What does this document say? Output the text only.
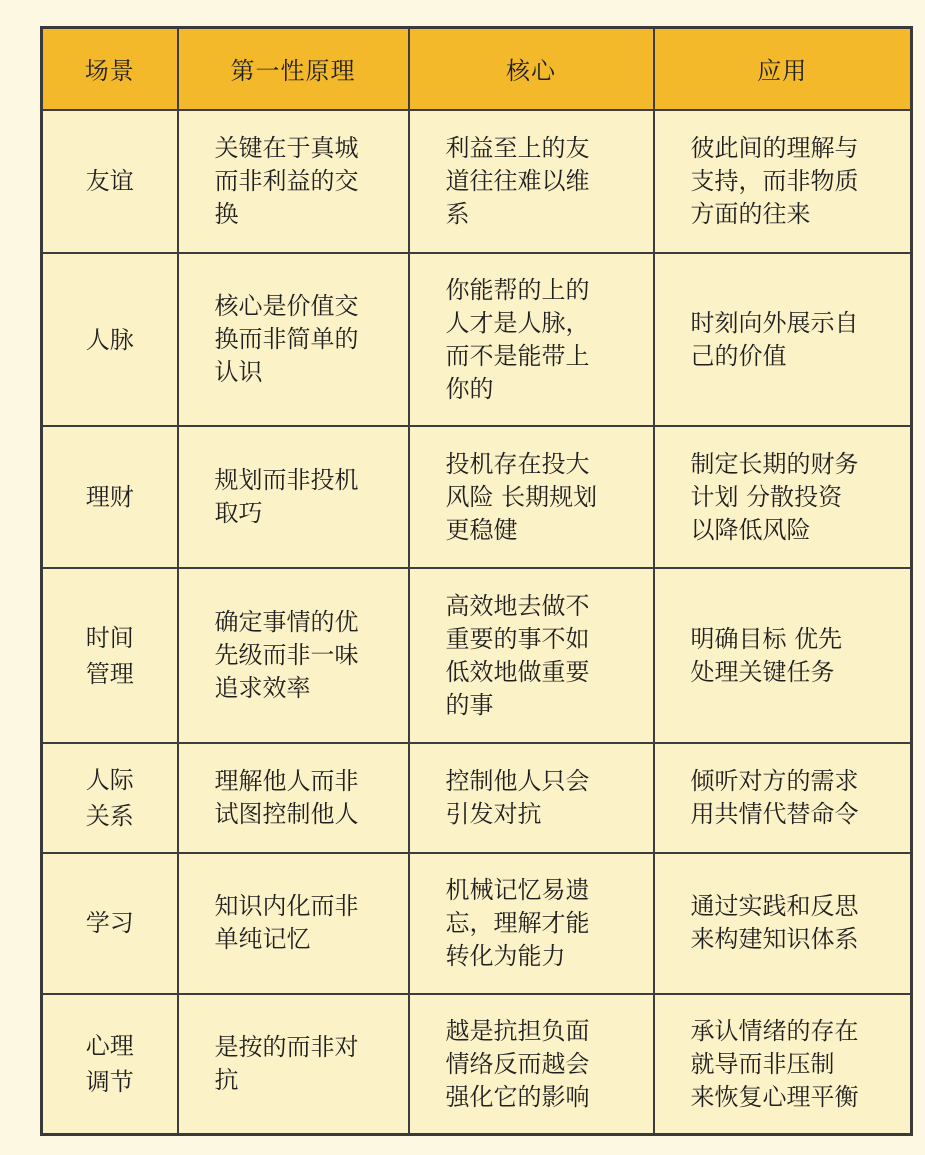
场景	第一性原理	核心	应用

友谊	关键在于真城
而非利益的交
换	利益至上的友
道往往难以维
系	彼此间的理解与
支持，而非物质
方面的往来

人脉	核心是价值交
换而非简单的
认识	你能帮的上的
人才是人脉，
而不是能带上
你的	时刻向外展示自
己的价值

理财	规划而非投机
取巧	投机存在投大
风险 长期规划
更稳健	制定长期的财务
计划 分散投资
以降低风险

时间
管理	确定事情的优
先级而非一味
追求效率	高效地去做不
重要的事不如
低效地做重要
的事	明确目标 优先
处理关键任务

人际
关系	理解他人而非
试图控制他人	控制他人只会
引发对抗	倾听对方的需求
用共情代替命令

学习	知识内化而非
单纯记忆	机械记忆易遗
忘，理解才能
转化为能力	通过实践和反思
来构建知识体系

心理
调节	是按的而非对
抗	越是抗担负面
情络反而越会
强化它的影响	承认情绪的存在
就导而非压制
来恢复心理平衡
